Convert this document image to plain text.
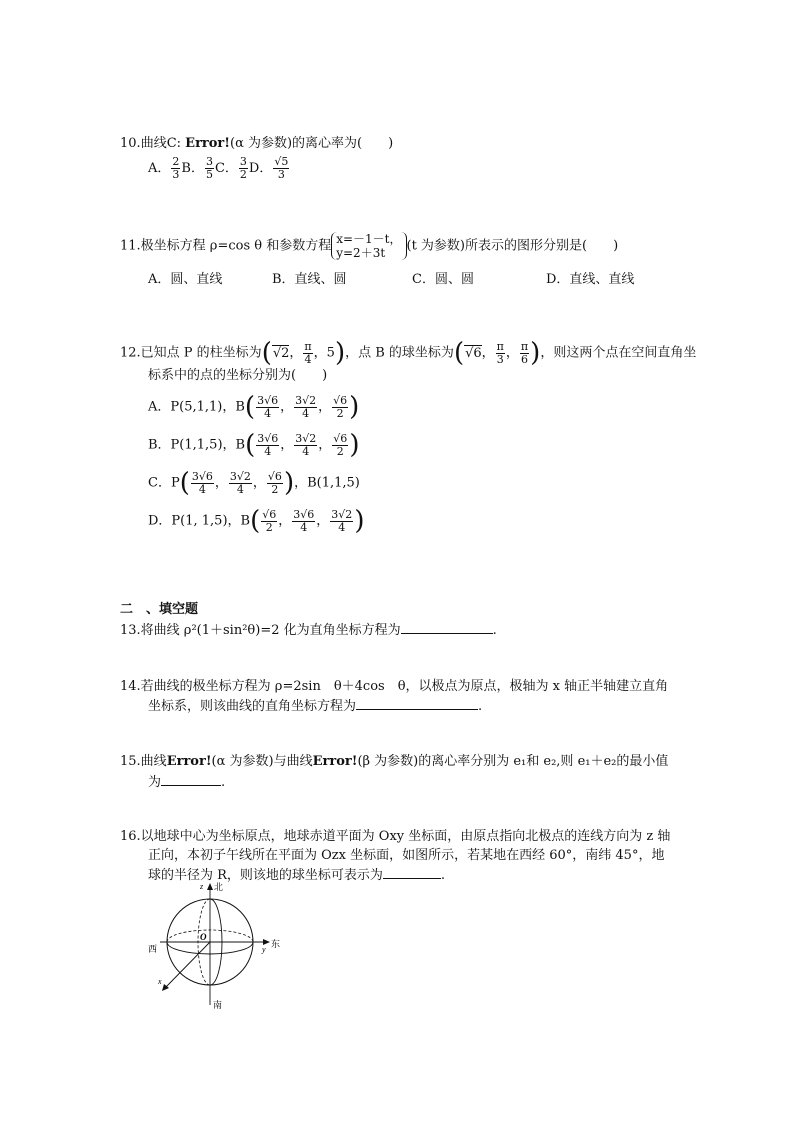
10.曲线C: Error!(α 为参数)的离心率为(　　)
A． $\frac{2}{3}$ B． $\frac{3}{5}$ C． $\frac{3}{2}$ D． $\frac{√5}{3}$
11.极坐标方程 ρ=cos θ 和参数方程 x=－1－t，
y=2＋3t (t 为参数)所表示的图形分别是(　　)
A．圆、直线	B．直线、圆	C．圆、圆	D．直线、直线
12.已知点 P 的柱坐标为(√2， $\frac{\pi}{4}$ ，5)，点 B 的球坐标为(√6， $\frac{\pi}{3}$ ， $\frac{\pi}{6}$ )，则这两个点在空间直角坐
标系中的点的坐标分别为(　　)
A．P(5,1,1)，$B( \frac{3√6}{4}$ ， $\frac{3√2}{4}$ ， $\frac{√6}{2}$ )
B．P(1,1,5)，$B( \frac{3√6}{4}$ ， $\frac{3√2}{4}$ ， $\frac{√6}{2}$ )
C．$P( \frac{3√6}{4}$ ， $\frac{3√2}{4}$ ， $\frac{√6}{2}$ )，B(1,1,5)
D．P(1, 1,5)，$B( \frac{√6}{2}$ ， $\frac{3√6}{4}$ ， $\frac{3√2}{4}$ )
二　、填空题
13.将曲线 ρ²(1＋sin²θ)=2 化为直角坐标方程为	.
14.若曲线的极坐标方程为 ρ=2sin　θ＋4cos　θ，以极点为原点，极轴为 x 轴正半轴建立直角
坐标系，则该曲线的直角坐标方程为	.
15.曲线Error!(α 为参数)与曲线Error!(β 为参数)的离心率分别为 e₁和 e₂,则 e₁＋e₂的最小值
为	.
16.以地球中心为坐标原点，地球赤道平面为 Oxy 坐标面，由原点指向北极点的连线方向为 z 轴
正向，本初子午线所在平面为 Ozx 坐标面，如图所示，若某地在西经 60°，南纬 45°，地
球的半径为 R，则该地的球坐标可表示为	.
z 北
西	东
y
O
x
南
